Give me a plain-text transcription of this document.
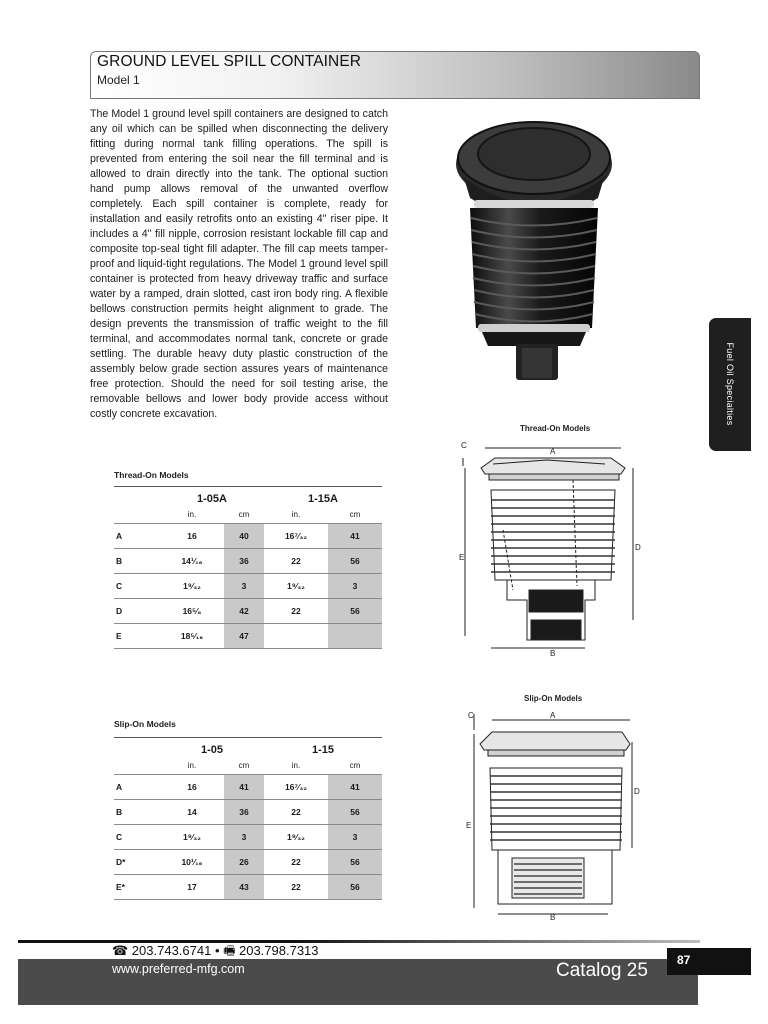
GROUND LEVEL SPILL CONTAINER
Model 1
The Model 1 ground level spill containers are designed to catch any oil which can be spilled when disconnecting the delivery fitting during normal tank filling operations. The spill is prevented from entering the soil near the fill terminal and is allowed to drain directly into the tank. The optional suction hand pump allows removal of the unwanted overflow completely. Each spill container is complete, ready for installation and easily retrofits onto an existing 4" riser pipe. It includes a 4" fill nipple, corrosion resistant lockable fill cap and composite top-seal tight fill adapter. The fill cap meets tamper-proof and liquid-tight regulations. The Model 1 ground level spill container is protected from heavy driveway traffic and surface water by a ramped, drain slotted, cast iron body ring. A flexible bellows construction permits height alignment to grade. The design prevents the transmission of traffic weight to the fill terminal, and accommodates normal tank, concrete or grade settling. The durable heavy duty plastic construction of the assembly below grade section assures years of maintenance free protection. Should the need for soil testing arise, the removable bellows and lower body provide access without costly concrete excavation.	Fuel Oil Specialties
Thread-On Models
C
A
E
D
B
Slip-On Models
C	A
E
D
B
Thread-On Models

	1-05A		1-15A	
	in.	cm	in.	cm
A	16	40	16⁷⁄₃₂	41
B	14¹⁄₁₆	36	22	56
C	1⁹⁄₃₂	3	1⁹⁄₃₂	3
D	16⁵⁄₈	42	22	56
E	18⁵⁄₁₆	47		
Slip-On Models

	1-05		1-15	
	in.	cm	in.	cm
A	16	41	16⁷⁄₃₂	41
B	14	36	22	56
C	1⁹⁄₃₂	3	1⁹⁄₃₂	3
D*	10¹⁄₁₆	26	22	56
E*	17	43	22	56
☎ 203.743.6741 • 🖷 203.798.7313
www.preferred-mfg.com
Fuel Oil Specialties
Catalog 25 87
